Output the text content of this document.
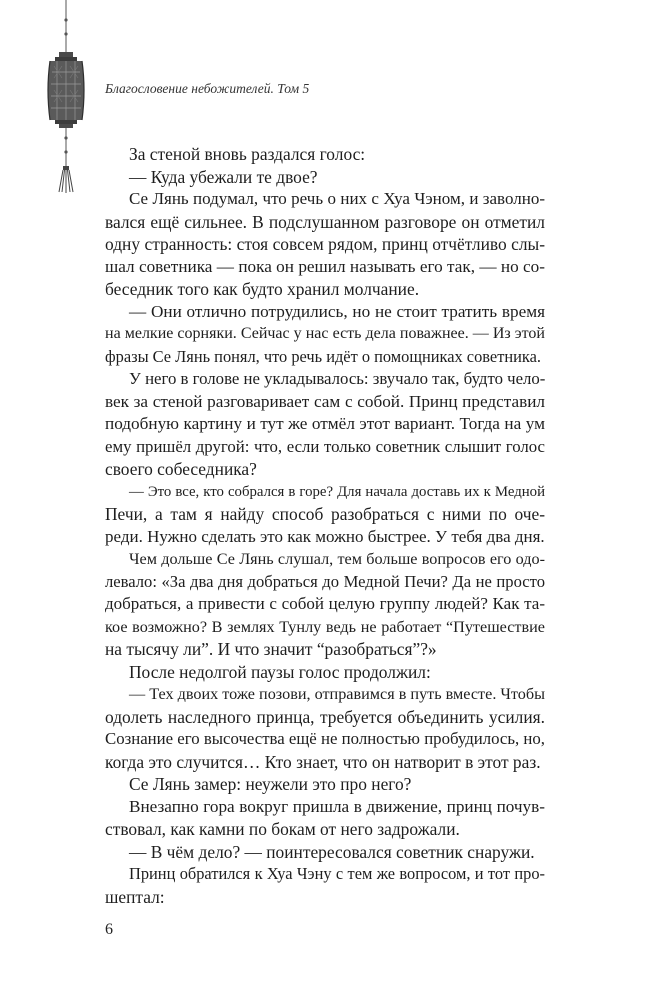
Благословение небожителей. Том 5
За стеной вновь раздался голос:
— Куда убежали те двое?
Се Лянь подумал, что речь о них с Хуа Чэном, и заволно-
вался ещё сильнее. В подслушанном разговоре он отметил
одну странность: стоя совсем рядом, принц отчётливо слы-
шал советника — пока он решил называть его так, — но со-
беседник того как будто хранил молчание.
— Они отлично потрудились, но не стоит тратить время
на мелкие сорняки. Сейчас у нас есть дела поважнее. — Из этой
фразы Се Лянь понял, что речь идёт о помощниках советника.
У него в голове не укладывалось: звучало так, будто чело-
век за стеной разговаривает сам с собой. Принц представил
подобную картину и тут же отмёл этот вариант. Тогда на ум
ему пришёл другой: что, если только советник слышит голос
своего собеседника?
— Это все, кто собрался в горе? Для начала доставь их к Медной
Печи, а там я найду способ разобраться с ними по оче-
реди. Нужно сделать это как можно быстрее. У тебя два дня.
Чем дольше Се Лянь слушал, тем больше вопросов его одо-
левало: «За два дня добраться до Медной Печи? Да не просто
добраться, а привести с собой целую группу людей? Как та-
кое возможно? В землях Тунлу ведь не работает “Путешествие
на тысячу ли”. И что значит “разобраться”?»
После недолгой паузы голос продолжил:
— Тех двоих тоже позови, отправимся в путь вместе. Чтобы
одолеть наследного принца, требуется объединить усилия.
Сознание его высочества ещё не полностью пробудилось, но,
когда это случится… Кто знает, что он натворит в этот раз.
Се Лянь замер: неужели это про него?
Внезапно гора вокруг пришла в движение, принц почув-
ствовал, как камни по бокам от него задрожали.
— В чём дело? — поинтересовался советник снаружи.
Принц обратился к Хуа Чэну с тем же вопросом, и тот про-
шептал:
6
